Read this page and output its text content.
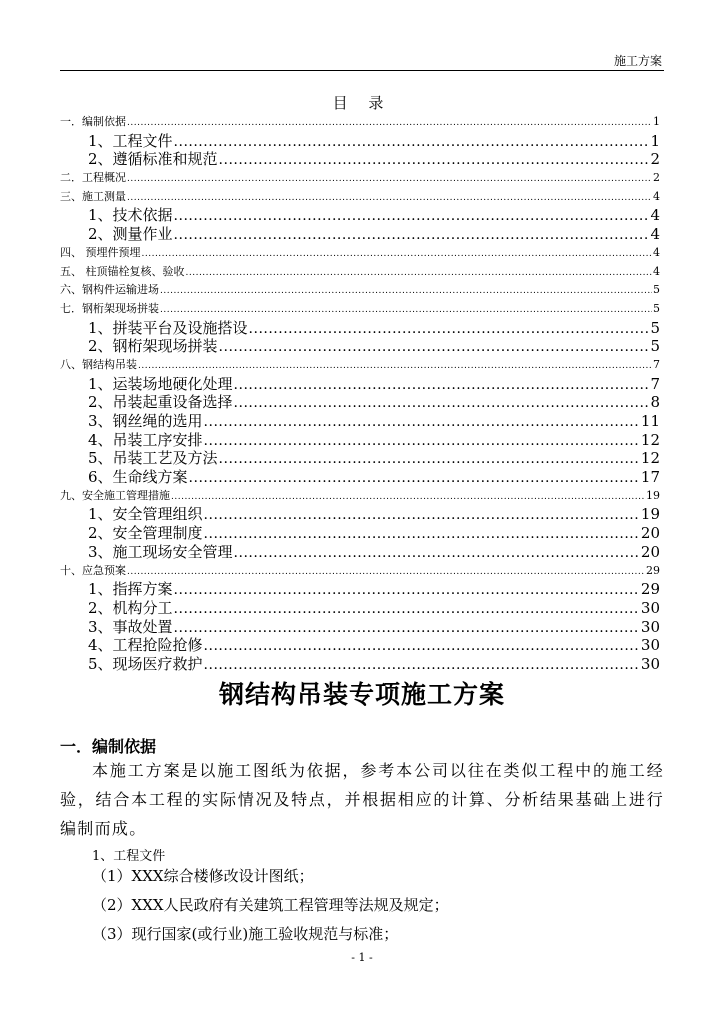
施工方案
目 录
一．编制依据 .....	1
1、工程文件 .....	1
2、遵循标准和规范 .....	2
二．工程概况 .....	2
三、施工测量 .....	4
1、技术依据 .....	4
2、测量作业 .....	4
四、 预埋件预埋 .....	4
五、 柱顶锚栓复核、验收 .....	4
六、钢构件运输进场 .....	5
七．钢桁架现场拼装 .....	5
1、拼装平台及设施搭设 .....	5
2、钢桁架现场拼装 .....	5
八、钢结构吊装 .....	7
1、运装场地硬化处理 .....	7
2、吊装起重设备选择 .....	8
3、钢丝绳的选用 .....	11
4、吊装工序安排 .....	12
5、吊装工艺及方法 .....	12
6、生命线方案 .....	17
九、安全施工管理措施 .....	19
1、安全管理组织 .....	19
2、安全管理制度 .....	20
3、施工现场安全管理 .....	20
十、应急预案 .....	29
1、指挥方案 .....	29
2、机构分工 .....	30
3、事故处置 .....	30
4、工程抢险抢修 .....	30
5、现场医疗救护 .....	30
钢结构吊装专项施工方案
一．编制依据
本施工方案是以施工图纸为依据，参考本公司以往在类似工程中的施工经验，结合本工程的实际情况及特点，并根据相应的计算、分析结果基础上进行编制而成。
1、工程文件
（1）XXX综合楼修改设计图纸；
（2）XXX人民政府有关建筑工程管理等法规及规定；
（3）现行国家(或行业)施工验收规范与标准；
- 1 -
